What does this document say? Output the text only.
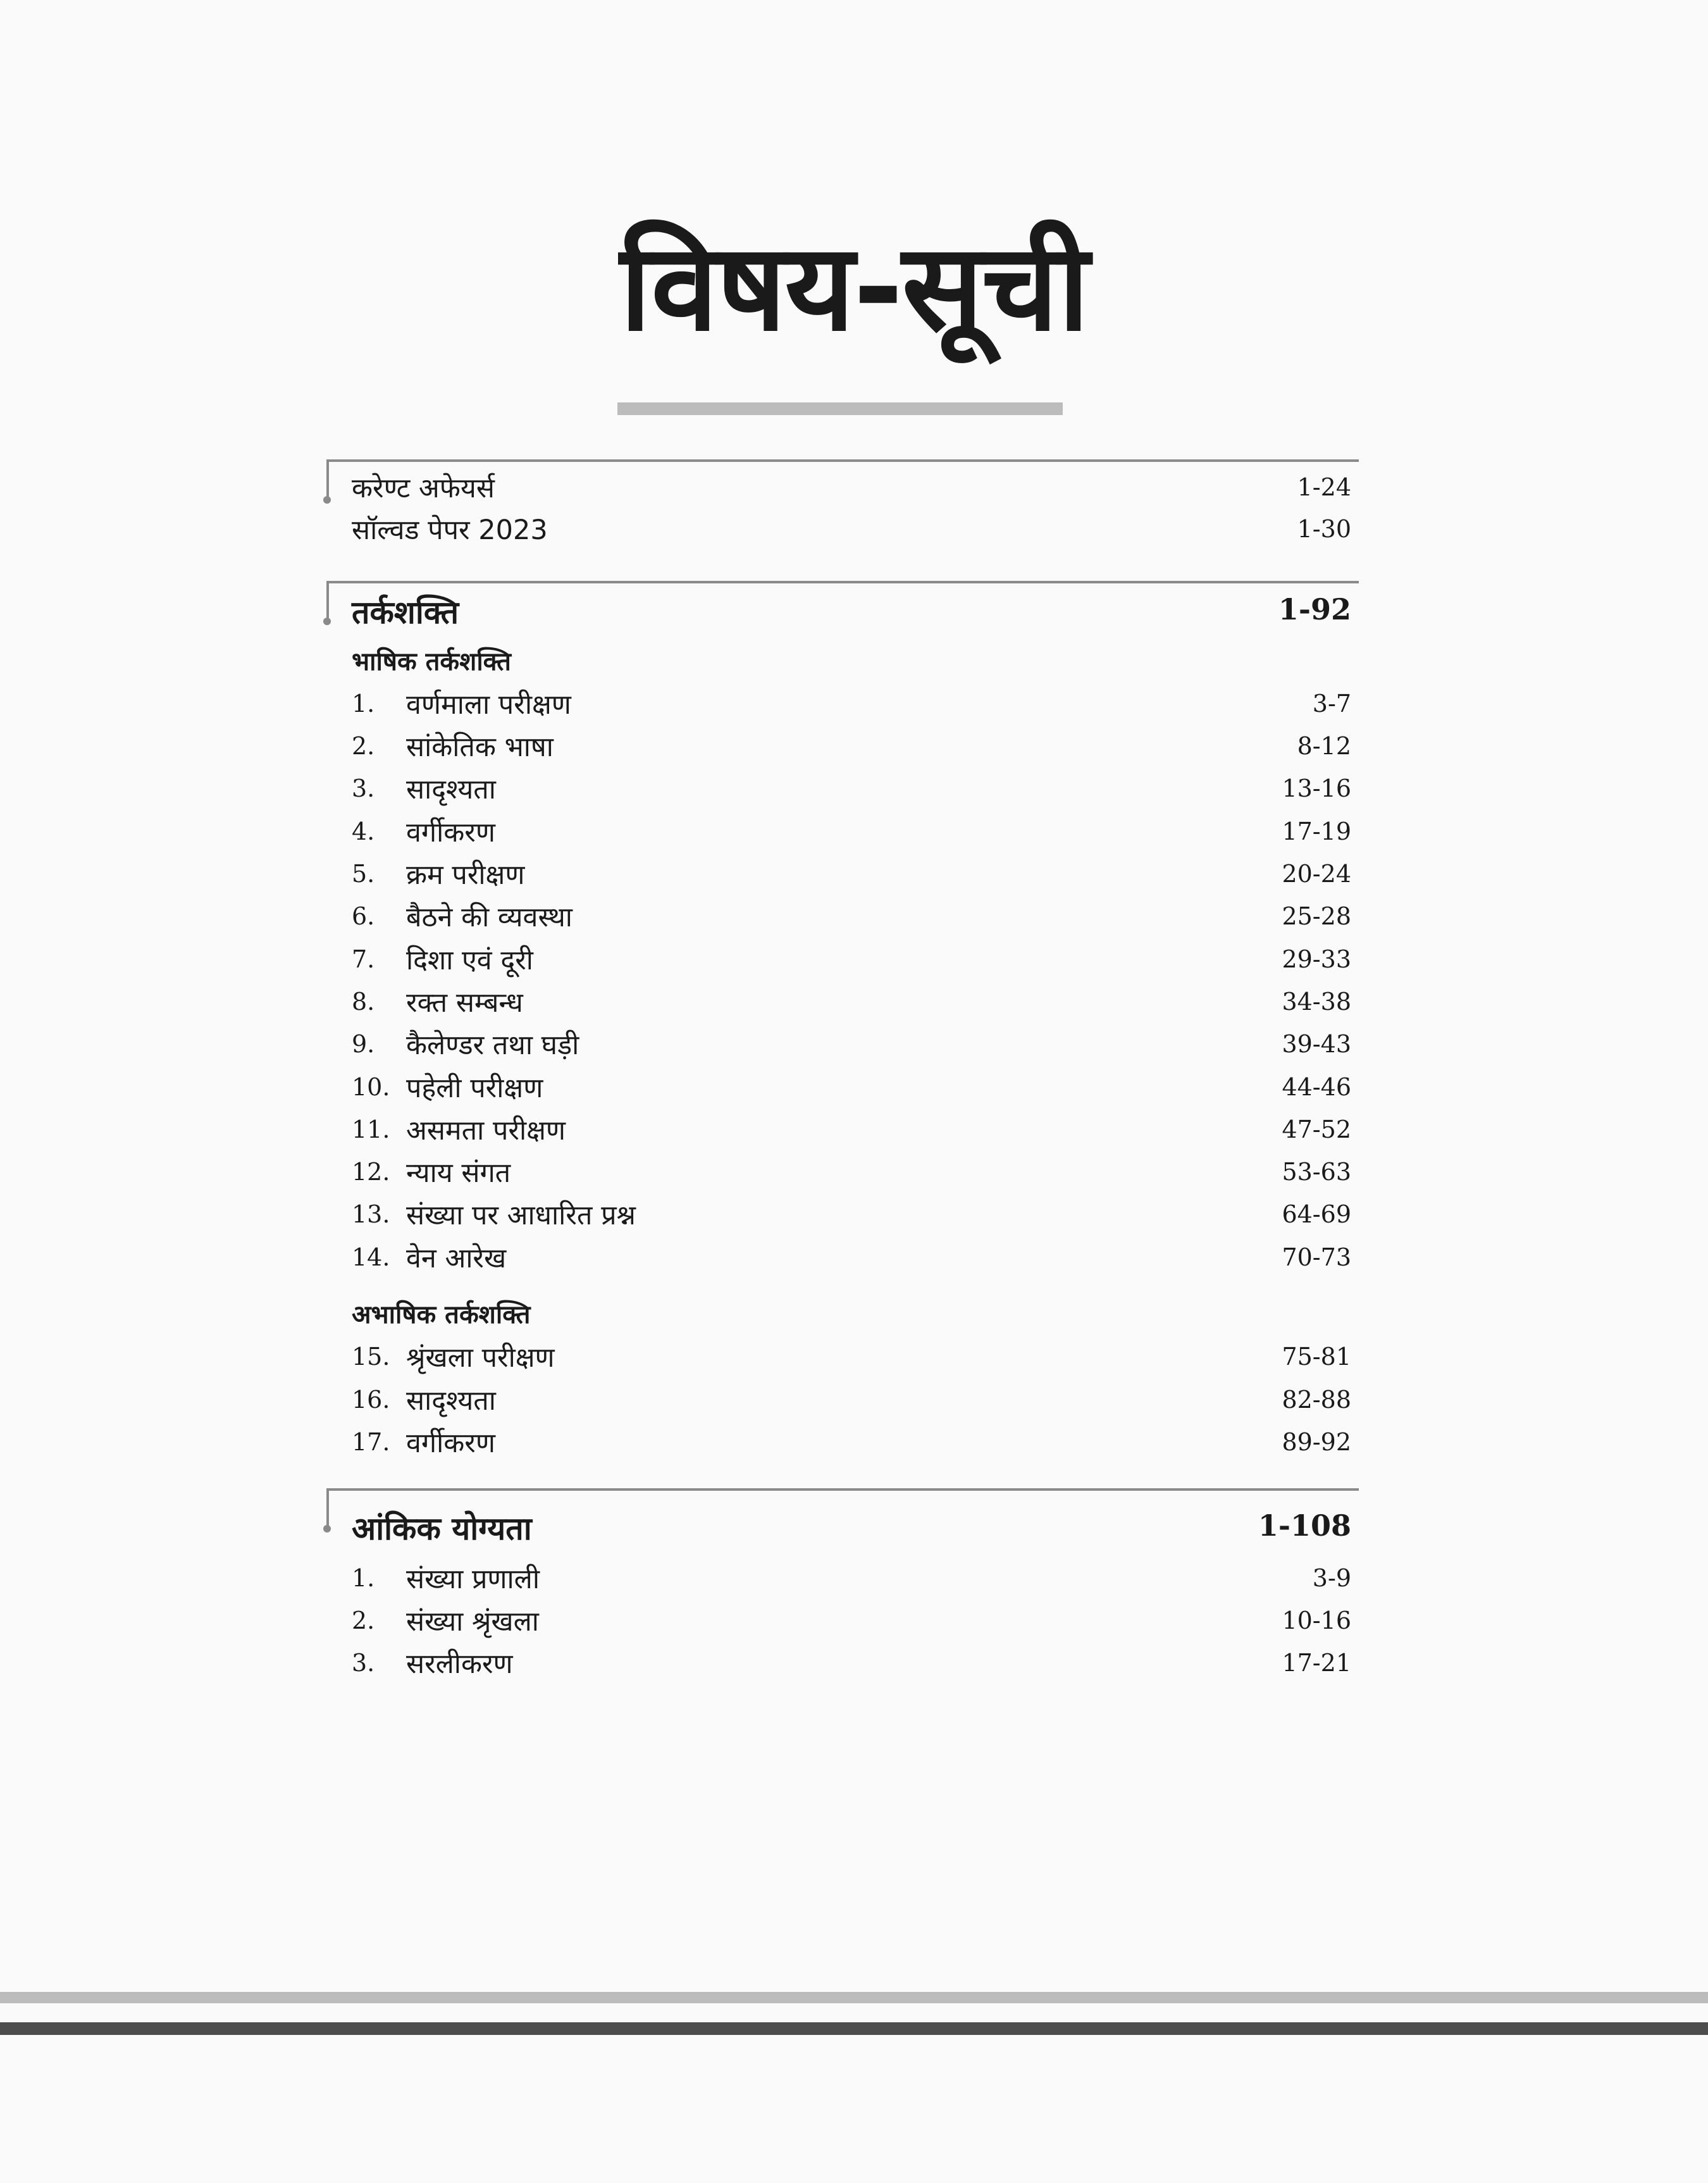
विषय-सूची
करेण्ट अफेयर्स	1-24
सॉल्वड पेपर 2023	1-30
तर्कशक्ति	1-92
भाषिक तर्कशक्ति
1. वर्णमाला परीक्षण	3-7
2. सांकेतिक भाषा	8-12
3. सादृश्यता	13-16
4. वर्गीकरण	17-19
5. क्रम परीक्षण	20-24
6. बैठने की व्यवस्था	25-28
7. दिशा एवं दूरी	29-33
8. रक्त सम्बन्ध	34-38
9. कैलेण्डर तथा घड़ी	39-43
10. पहेली परीक्षण	44-46
11. असमता परीक्षण	47-52
12. न्याय संगत	53-63
13. संख्या पर आधारित प्रश्न	64-69
14. वेन आरेख	70-73
अभाषिक तर्कशक्ति
15. श्रृंखला परीक्षण	75-81
16. सादृश्यता	82-88
17. वर्गीकरण	89-92
आंकिक योग्यता	1-108
1. संख्या प्रणाली	3-9
2. संख्या श्रृंखला	10-16
3. सरलीकरण	17-21
